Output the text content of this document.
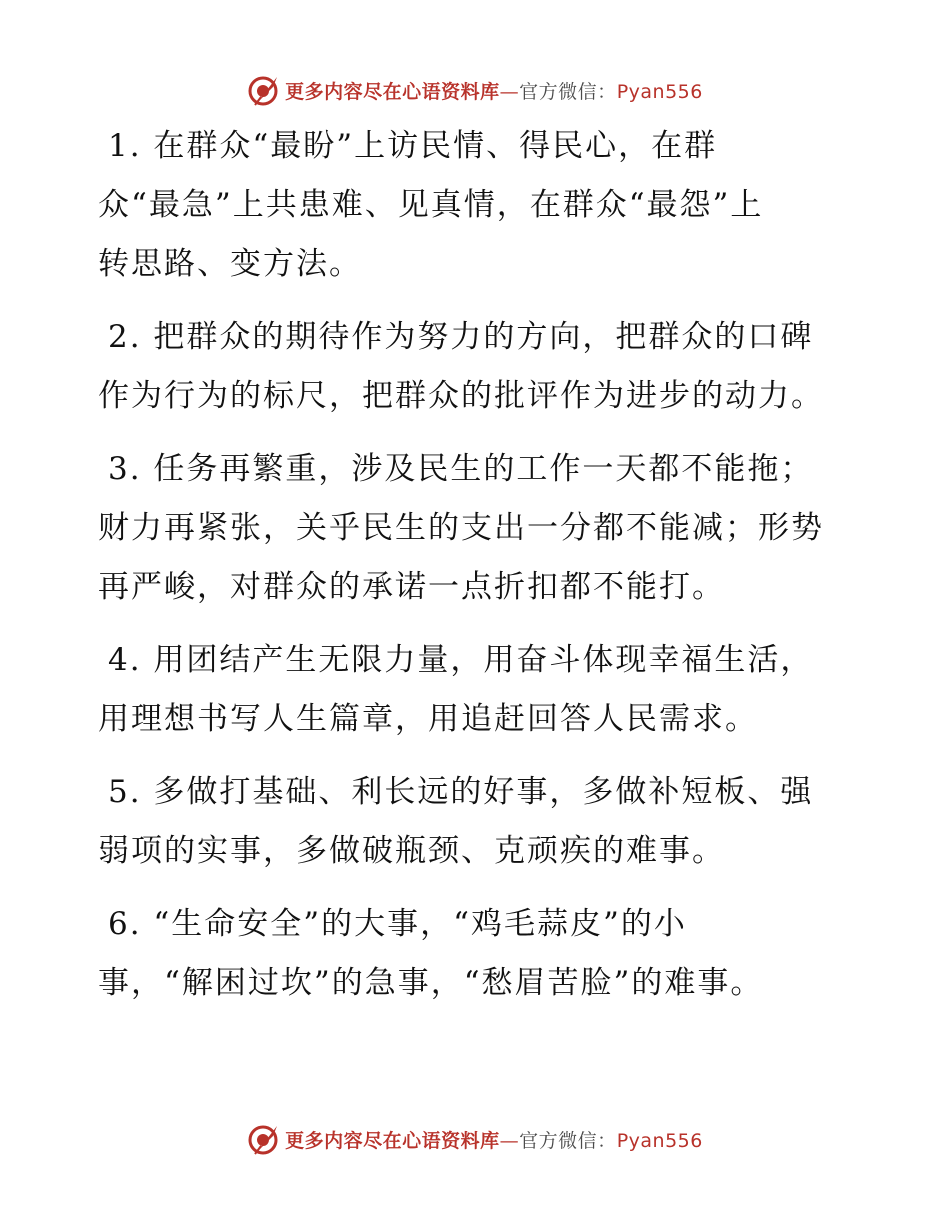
更多内容尽在心语资料库—官方微信：Pyan556
1. 在群众“最盼”上访民情、得民心，在群
众“最急”上共患难、见真情，在群众“最怨”上
转思路、变方法。
2. 把群众的期待作为努力的方向，把群众的口碑
作为行为的标尺，把群众的批评作为进步的动力。
3. 任务再繁重，涉及民生的工作一天都不能拖；
财力再紧张，关乎民生的支出一分都不能减；形势
再严峻，对群众的承诺一点折扣都不能打。
4. 用团结产生无限力量，用奋斗体现幸福生活，
用理想书写人生篇章，用追赶回答人民需求。
5. 多做打基础、利长远的好事，多做补短板、强
弱项的实事，多做破瓶颈、克顽疾的难事。
6. “生命安全”的大事，“鸡毛蒜皮”的小
事，“解困过坎”的急事，“愁眉苦脸”的难事。
更多内容尽在心语资料库—官方微信：Pyan556
